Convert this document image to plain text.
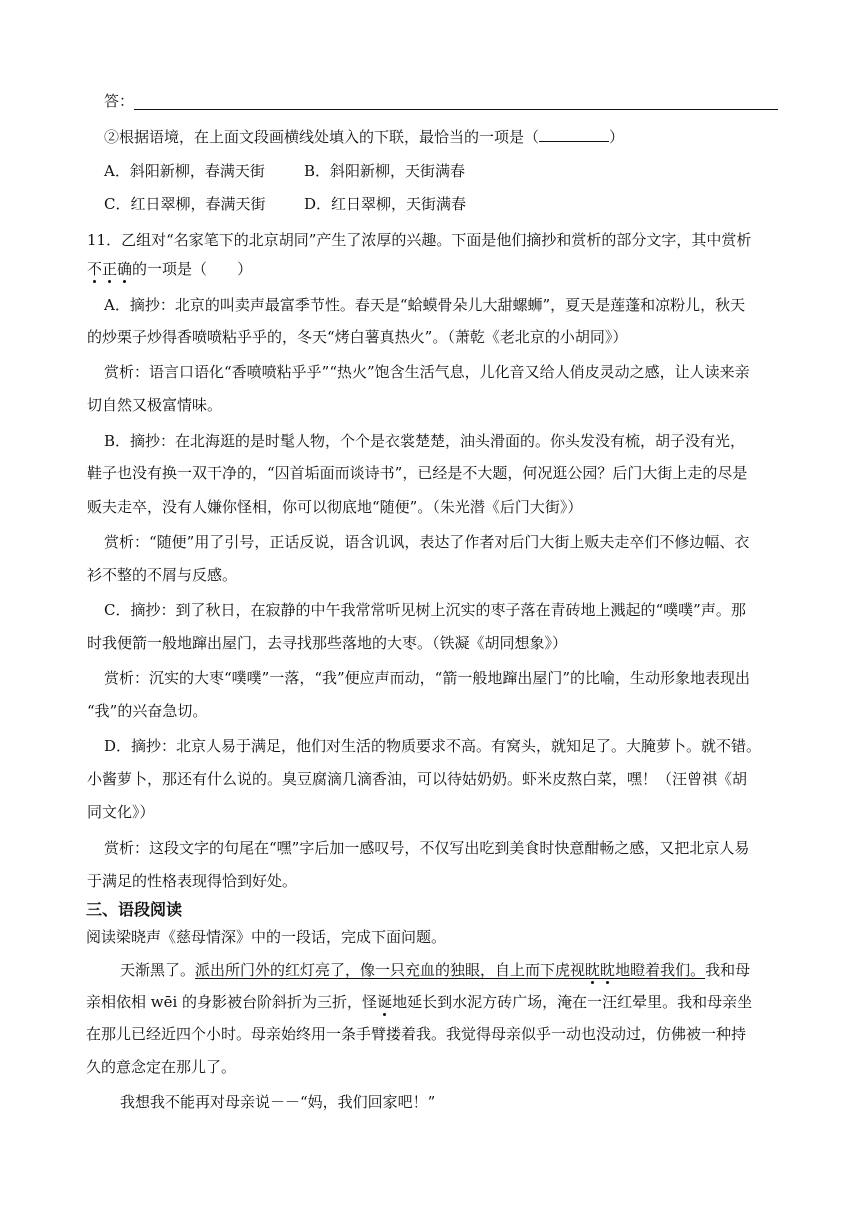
答：
②根据语境，在上面文段画横线处填入的下联，最恰当的一项是（	）
A．斜阳新柳，春满天街	B．斜阳新柳，天街满春
C．红日翠柳，春满天街	D．红日翠柳，天街满春
11．乙组对“名家笔下的北京胡同”产生了浓厚的兴趣。下面是他们摘抄和赏析的部分文字，其中赏析
不正确的一项是（ ）
A．摘抄：北京的叫卖声最富季节性。春天是“蛤蟆骨朵儿大甜螺蛳”，夏天是莲蓬和凉粉儿，秋天
的炒栗子炒得香喷喷粘乎乎的，冬天“烤白薯真热火”。（萧乾《老北京的小胡同》）
赏析：语言口语化“香喷喷粘乎乎”“热火”饱含生活气息，儿化音又给人俏皮灵动之感，让人读来亲
切自然又极富情味。
B．摘抄：在北海逛的是时髦人物，个个是衣裳楚楚，油头滑面的。你头发没有梳，胡子没有光，
鞋子也没有换一双干净的，“囚首垢面而谈诗书”，已经是不大题，何况逛公园？后门大街上走的尽是
贩夫走卒，没有人嫌你怪相，你可以彻底地“随便”。（朱光潜《后门大街》）
赏析：“随便”用了引号，正话反说，语含讥讽，表达了作者对后门大街上贩夫走卒们不修边幅、衣
衫不整的不屑与反感。
C．摘抄：到了秋日，在寂静的中午我常常听见树上沉实的枣子落在青砖地上溅起的“噗噗”声。那
时我便箭一般地蹿出屋门，去寻找那些落地的大枣。（铁凝《胡同想象》）
赏析：沉实的大枣“噗噗”一落，“我”便应声而动，“箭一般地蹿出屋门”的比喻，生动形象地表现出
“我”的兴奋急切。
D．摘抄：北京人易于满足，他们对生活的物质要求不高。有窝头，就知足了。大腌萝卜。就不错。
小酱萝卜，那还有什么说的。臭豆腐滴几滴香油，可以待姑奶奶。虾米皮熬白菜，嘿！（汪曾祺《胡
同文化》）
赏析：这段文字的句尾在“嘿”字后加一感叹号，不仅写出吃到美食时快意酣畅之感，又把北京人易
于满足的性格表现得恰到好处。
三、语段阅读
阅读梁晓声《慈母情深》中的一段话，完成下面问题。
天渐黑了。派出所门外的红灯亮了，像一只充血的独眼，自上而下虎视眈眈地瞪着我们。我和母
亲相依相 wēi 的身影被台阶斜折为三折，怪诞地延长到水泥方砖广场，淹在一汪红晕里。我和母亲坐
在那儿已经近四个小时。母亲始终用一条手臂搂着我。我觉得母亲似乎一动也没动过，仿佛被一种持
久的意念定在那儿了。
我想我不能再对母亲说－－“妈，我们回家吧！”
